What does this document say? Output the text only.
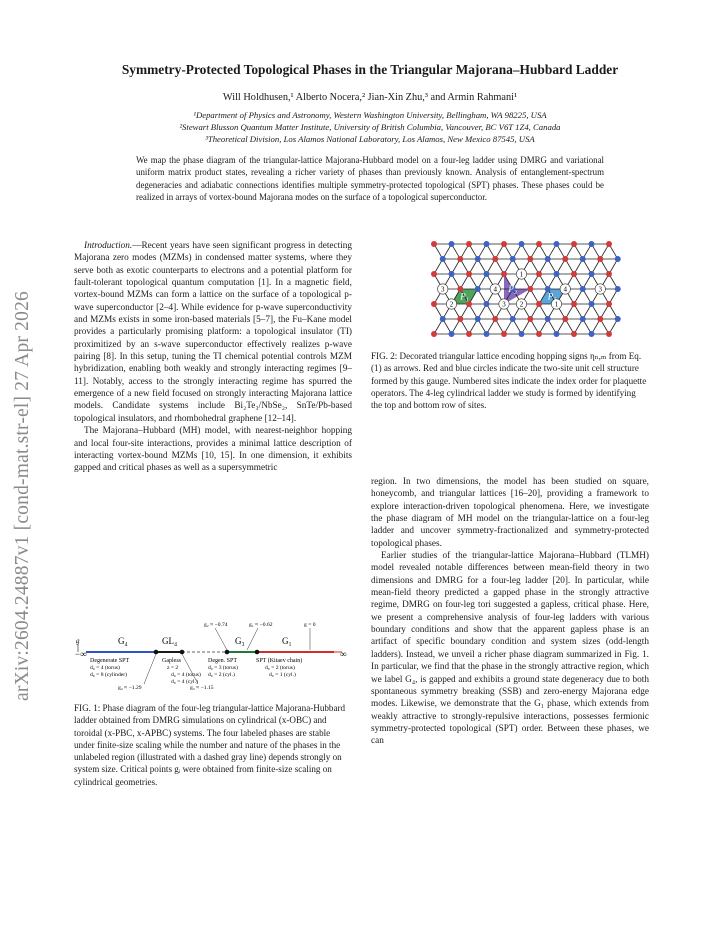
arXiv:2604.24887v1 [cond-mat.str-el] 27 Apr 2026
Symmetry-Protected Topological Phases in the Triangular Majorana–Hubbard Ladder
Will Holdhusen,¹ Alberto Nocera,² Jian-Xin Zhu,³ and Armin Rahmani¹
¹Department of Physics and Astronomy, Western Washington University, Bellingham, WA 98225, USA
²Stewart Blusson Quantum Matter Institute, University of British Columbia, Vancouver, BC V6T 1Z4, Canada
³Theoretical Division, Los Alamos National Laboratory, Los Alamos, New Mexico 87545, USA
We map the phase diagram of the triangular-lattice Majorana-Hubbard model on a four-leg ladder using DMRG and variational uniform matrix product states, revealing a richer variety of phases than previously known. Analysis of entanglement-spectrum degeneracies and adiabatic connections identifies multiple symmetry-protected topological (SPT) phases. These phases could be realized in arrays of vortex-bound Majorana modes on the surface of a topological superconductor.

Introduction.—Recent years have seen significant progress in detecting Majorana zero modes (MZMs) in condensed matter systems, where they serve both as exotic counterparts to electrons and a potential platform for fault-tolerant topological quantum computation [1]. In a magnetic field, vortex-bound MZMs can form a lattice on the surface of a topological p-wave superconductor [2–4]. While evidence for p-wave superconductivity and MZMs exists in some iron-based materials [5–7], the Fu–Kane model provides a particularly promising platform: a topological insulator (TI) proximitized by an s-wave superconductor effectively realizes p-wave pairing [8]. In this setup, tuning the TI chemical potential controls MZM hybridization, enabling both weakly and strongly interacting regimes [9–11]. Notably, access to the strongly interacting regime has spurred the emergence of a new field focused on strongly interacting Majorana lattice models. Candidate systems include Bi₂Te₃/NbSe₂, SnTe/Pb-based topological insulators, and rhombohedral graphene [12–14].

The Majorana–Hubbard (MH) model, with nearest-neighbor hopping and local four-site interactions, provides a minimal lattice description of interacting vortex-bound MZMs [10, 15]. In one dimension, it exhibits gapped and critical phases as well as a supersymmetric

−∞	∞
g	G₄	GL₄	G₃	G₁
g₂ ≈ −0.74	g₁ ≈ −0.62	g = 0
g₄ ≈ −1.29	g₃ ≈ −1.15
Degenerate SPT
d₀ = 4 (torus)
d₀ = 8 (cylinder)
Gapless
z = 2
d₀ = 4 (torus)
d₀ = 4 (cyl.)
Degen. SPT
d₀ = 3 (torus)
d₀ = 2 (cyl.)
SPT (Kitaev chain)
d₀ = 2 (torus)
d₀ = 1 (cyl.)
FIG. 1: Phase diagram of the four-leg triangular-lattice Majorana-Hubbard ladder obtained from DMRG simulations on cylindrical (x-OBC) and toroidal (x-PBC, x-APBC) systems. The four labeled phases are stable under finite-size scaling while the number and nature of the phases in the unlabeled region (illustrated with a dashed gray line) depends strongly on system size. Critical points gᵢ were obtained from finite-size scaling on cylindrical geometries.
1
2	2
3
3
4	4
1
3
P₁
P₂
P₃
FIG. 2: Decorated triangular lattice encoding hopping signs ηₙ,ₘ from Eq. (1) as arrows. Red and blue circles indicate the two-site unit cell structure formed by this gauge. Numbered sites indicate the index order for plaquette operators. The 4-leg cylindrical ladder we study is formed by identifying the top and bottom row of sites.

region. In two dimensions, the model has been studied on square, honeycomb, and triangular lattices [16–20], providing a framework to explore interaction-driven topological phenomena. Here, we investigate the phase diagram of MH model on the triangular-lattice on a four-leg ladder and uncover symmetry-fractionalized and symmetry-protected topological phases.

Earlier studies of the triangular-lattice Majorana–Hubbard (TLMH) model revealed notable differences between mean-field theory in two dimensions and DMRG for a four-leg ladder [20]. In particular, while mean-field theory predicted a gapped phase in the strongly attractive regime, DMRG on four-leg tori suggested a gapless, critical phase. Here, we present a comprehensive analysis of four-leg ladders with various boundary conditions and show that the apparent gapless phase is an artifact of specific boundary condition and system sizes (odd-length ladders). Instead, we unveil a richer phase diagram summarized in Fig. 1. In particular, we find that the phase in the strongly attractive region, which we label G₄, is gapped and exhibits a ground state degeneracy due to both spontaneous symmetry breaking (SSB) and zero-energy Majorana edge modes. Likewise, we demonstrate that the G₁ phase, which extends from weakly attractive to strongly-repulsive interactions, possesses fermionic symmetry-protected topological (SPT) order. Between these phases, we can
